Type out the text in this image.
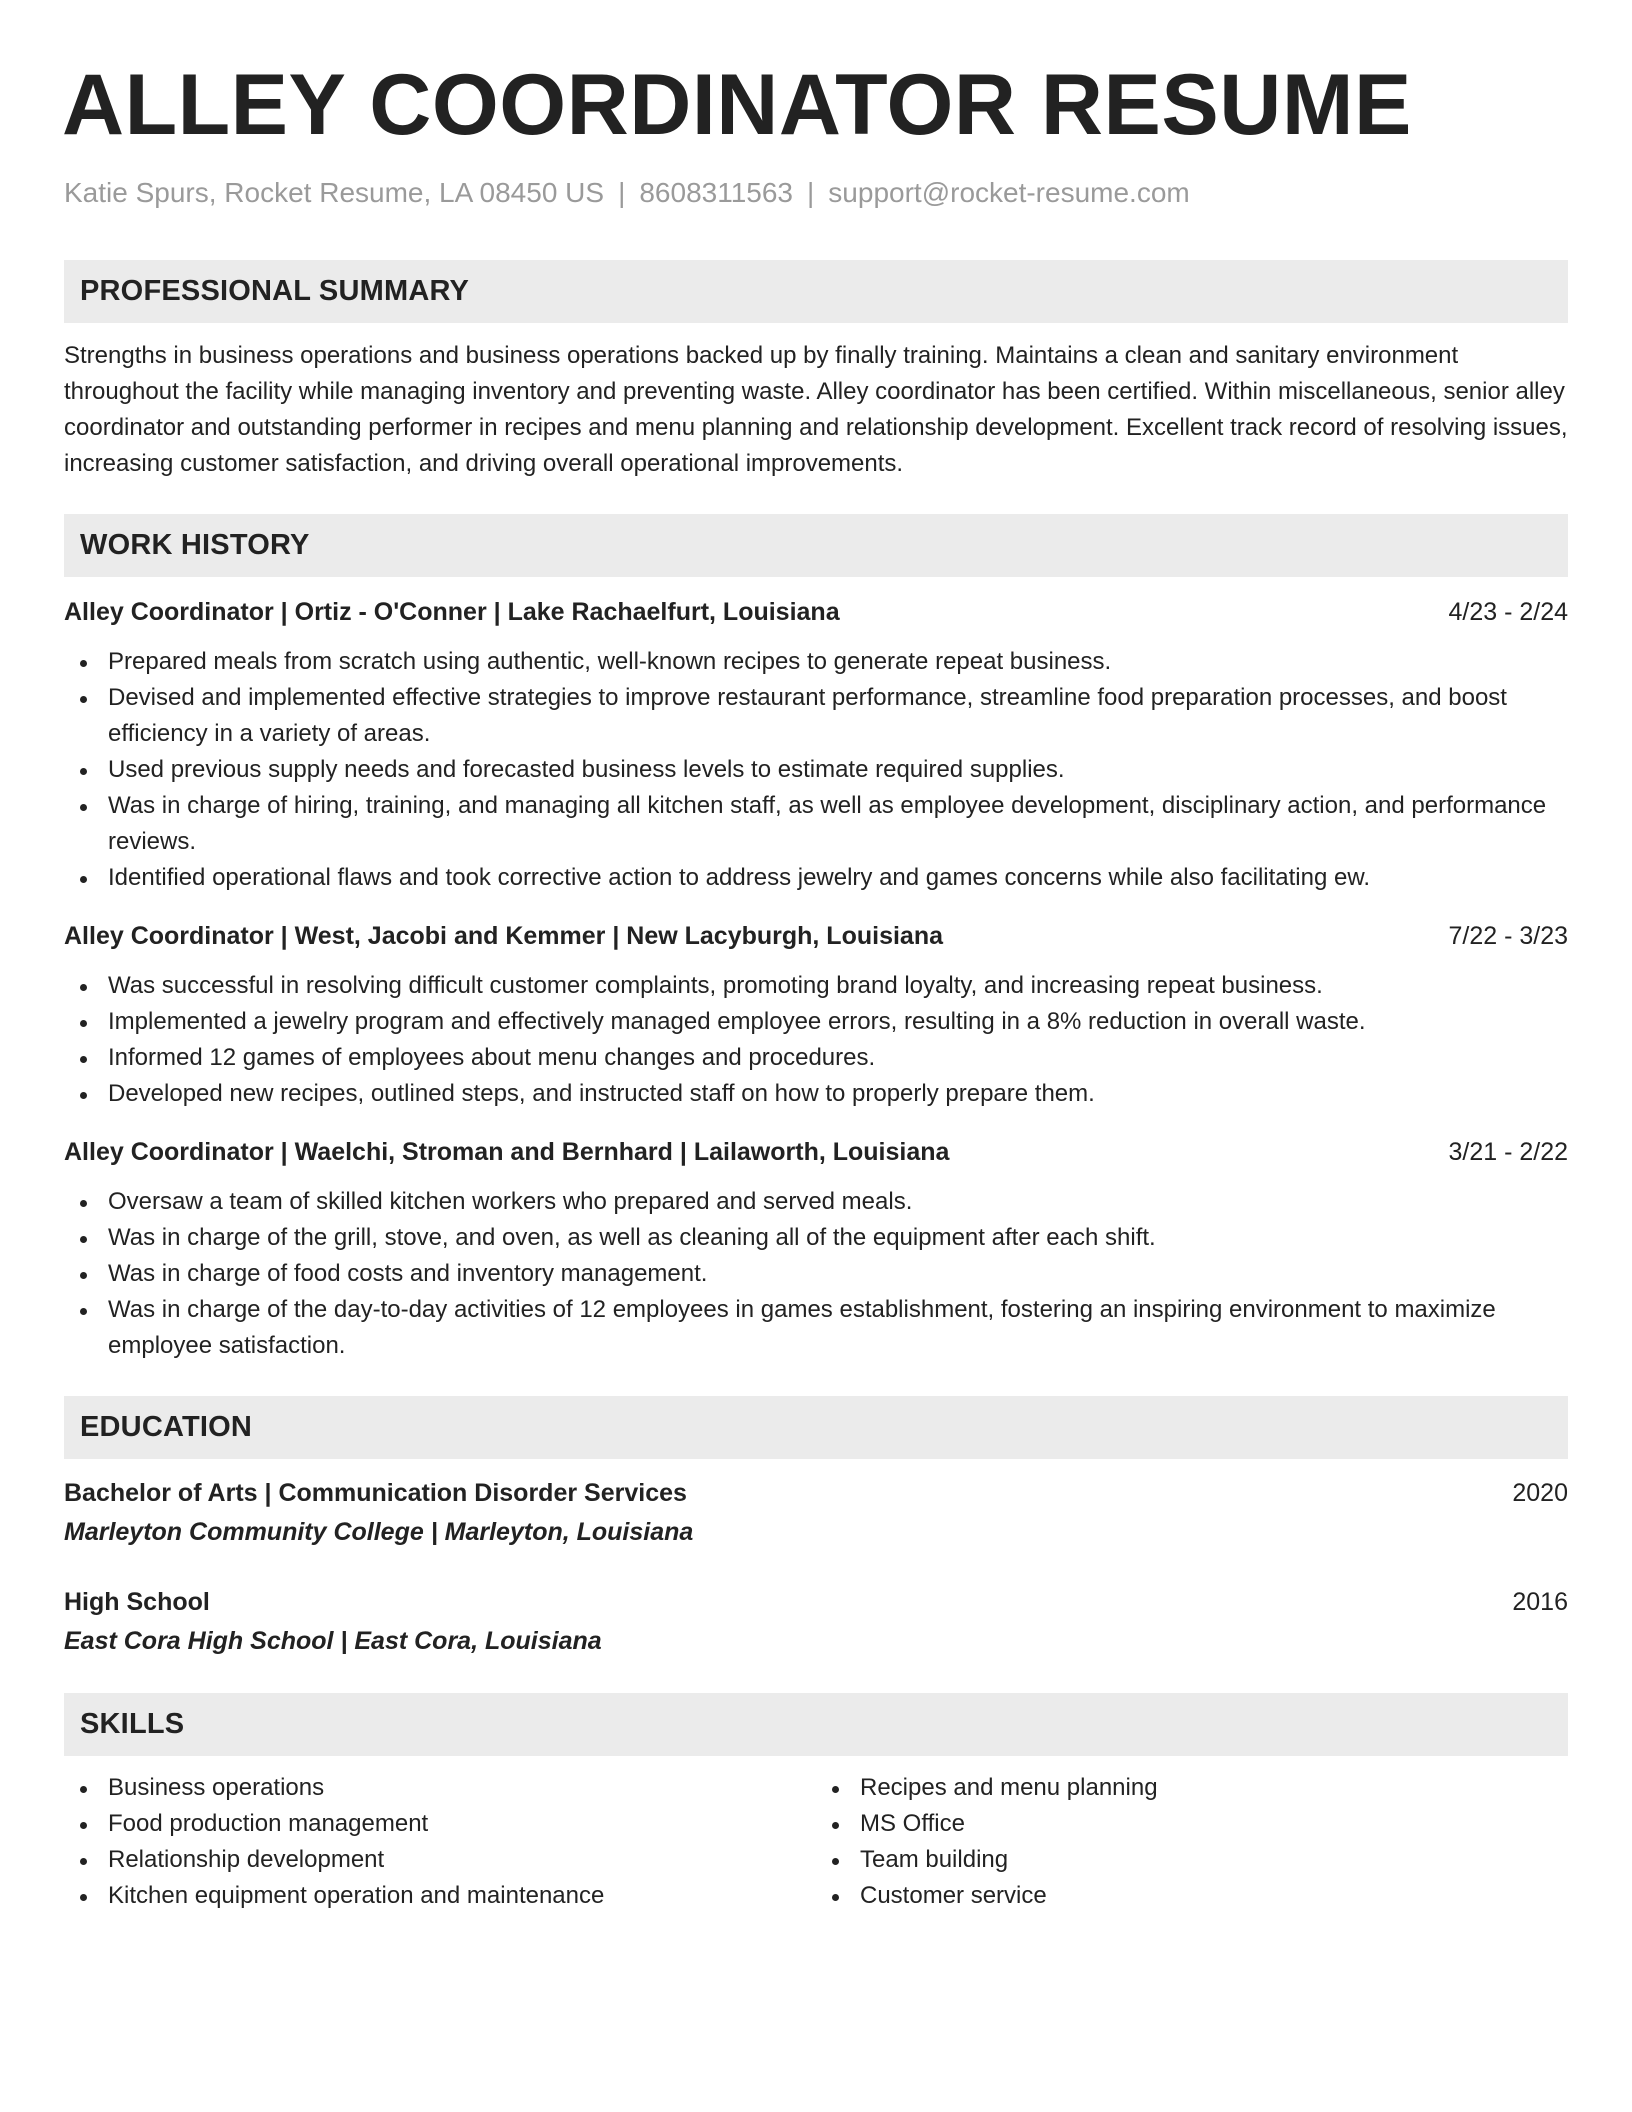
ALLEY COORDINATOR RESUME
Katie Spurs, Rocket Resume, LA 08450 US | 8608311563 | support@rocket-resume.com
PROFESSIONAL SUMMARY

Strengths in business operations and business operations backed up by finally training. Maintains a clean and sanitary environment throughout the facility while managing inventory and preventing waste. Alley coordinator has been certified. Within miscellaneous, senior alley coordinator and outstanding performer in recipes and menu planning and relationship development. Excellent track record of resolving issues, increasing customer satisfaction, and driving overall operational improvements.

WORK HISTORY
Alley Coordinator | Ortiz - O'Conner | Lake Rachaelfurt, Louisiana	4/23 - 2/24
Prepared meals from scratch using authentic, well-known recipes to generate repeat business.
Devised and implemented effective strategies to improve restaurant performance, streamline food preparation processes, and boost efficiency in a variety of areas.
Used previous supply needs and forecasted business levels to estimate required supplies.
Was in charge of hiring, training, and managing all kitchen staff, as well as employee development, disciplinary action, and performance reviews.
Identified operational flaws and took corrective action to address jewelry and games concerns while also facilitating ew.
Alley Coordinator | West, Jacobi and Kemmer | New Lacyburgh, Louisiana	7/22 - 3/23
Was successful in resolving difficult customer complaints, promoting brand loyalty, and increasing repeat business.
Implemented a jewelry program and effectively managed employee errors, resulting in a 8% reduction in overall waste.
Informed 12 games of employees about menu changes and procedures.
Developed new recipes, outlined steps, and instructed staff on how to properly prepare them.
Alley Coordinator | Waelchi, Stroman and Bernhard | Lailaworth, Louisiana	3/21 - 2/22
Oversaw a team of skilled kitchen workers who prepared and served meals.
Was in charge of the grill, stove, and oven, as well as cleaning all of the equipment after each shift.
Was in charge of food costs and inventory management.
Was in charge of the day-to-day activities of 12 employees in games establishment, fostering an inspiring environment to maximize employee satisfaction.
EDUCATION
Bachelor of Arts | Communication Disorder Services	2020
Marleyton Community College | Marleyton, Louisiana
High School	2016
East Cora High School | East Cora, Louisiana
SKILLS
Business operations
Food production management
Relationship development
Kitchen equipment operation and maintenance
Recipes and menu planning
MS Office
Team building
Customer service
